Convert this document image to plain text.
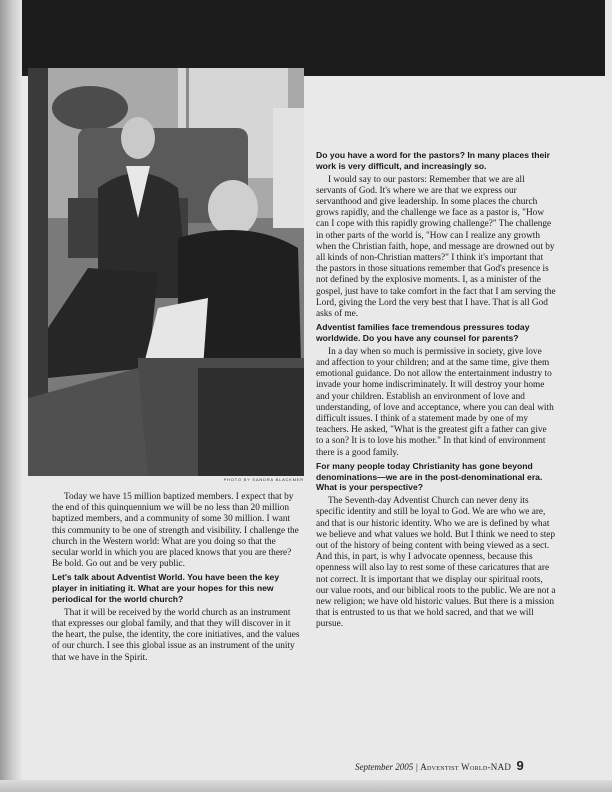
PHOTO BY SANDRA BLACKMER

Today we have 15 million baptized members. I expect that by the end of this quinquennium we will be no less than 20 million baptized members, and a community of some 30 million. I want this community to be one of strength and visibility. I challenge the church in the Western world: What are you doing so that the secular world in which you are placed knows that you are there? Be bold. Go out and be very public.

Let's talk about Adventist World. You have been the key player in initiating it. What are your hopes for this new periodical for the world church?

That it will be received by the world church as an instrument that expresses our global family, and that they will discover in it the heart, the pulse, the identity, the core initiatives, and the values of our church. I see this global issue as an instrument of the unity that we have in the Spirit.

Do you have a word for the pastors? In many places their work is very difficult, and increasingly so.

I would say to our pastors: Remember that we are all servants of God. It's where we are that we express our servanthood and give leadership. In some places the church grows rapidly, and the challenge we face as a pastor is, "How can I cope with this rapidly growing challenge?" The challenge in other parts of the world is, "How can I realize any growth when the Christian faith, hope, and message are drowned out by all kinds of non-Christian matters?" I think it's important that the pastors in those situations remember that God's presence is not defined by the explosive moments. I, as a minister of the gospel, just have to take comfort in the fact that I am serving the Lord, giving the Lord the very best that I have. That is all God asks of me.

Adventist families face tremendous pressures today worldwide. Do you have any counsel for parents?

In a day when so much is permissive in society, give love and affection to your children; and at the same time, give them emotional guidance. Do not allow the entertainment industry to invade your home indiscriminately. It will destroy your home and your children. Establish an environment of love and understanding, of love and acceptance, where you can deal with difficult issues. I think of a statement made by one of my teachers. He asked, "What is the greatest gift a father can give to a son? It is to love his mother." In that kind of environment there is a good family.

For many people today Christianity has gone beyond denominations—we are in the post-denominational era. What is your perspective?

The Seventh-day Adventist Church can never deny its specific identity and still be loyal to God. We are who we are, and that is our historic identity. Who we are is defined by what we believe and what values we hold. But I think we need to step out of the history of being content with being viewed as a sect. And this, in part, is why I advocate openness, because this openness will also lay to rest some of these caricatures that are not correct. It is important that we display our spiritual roots, our value roots, and our biblical roots to the public. We are not a new religion; we have old historic values. But there is a mission that is entrusted to us that we hold sacred, and that we will pursue.

September 2005 | Adventist World-NAD 9
